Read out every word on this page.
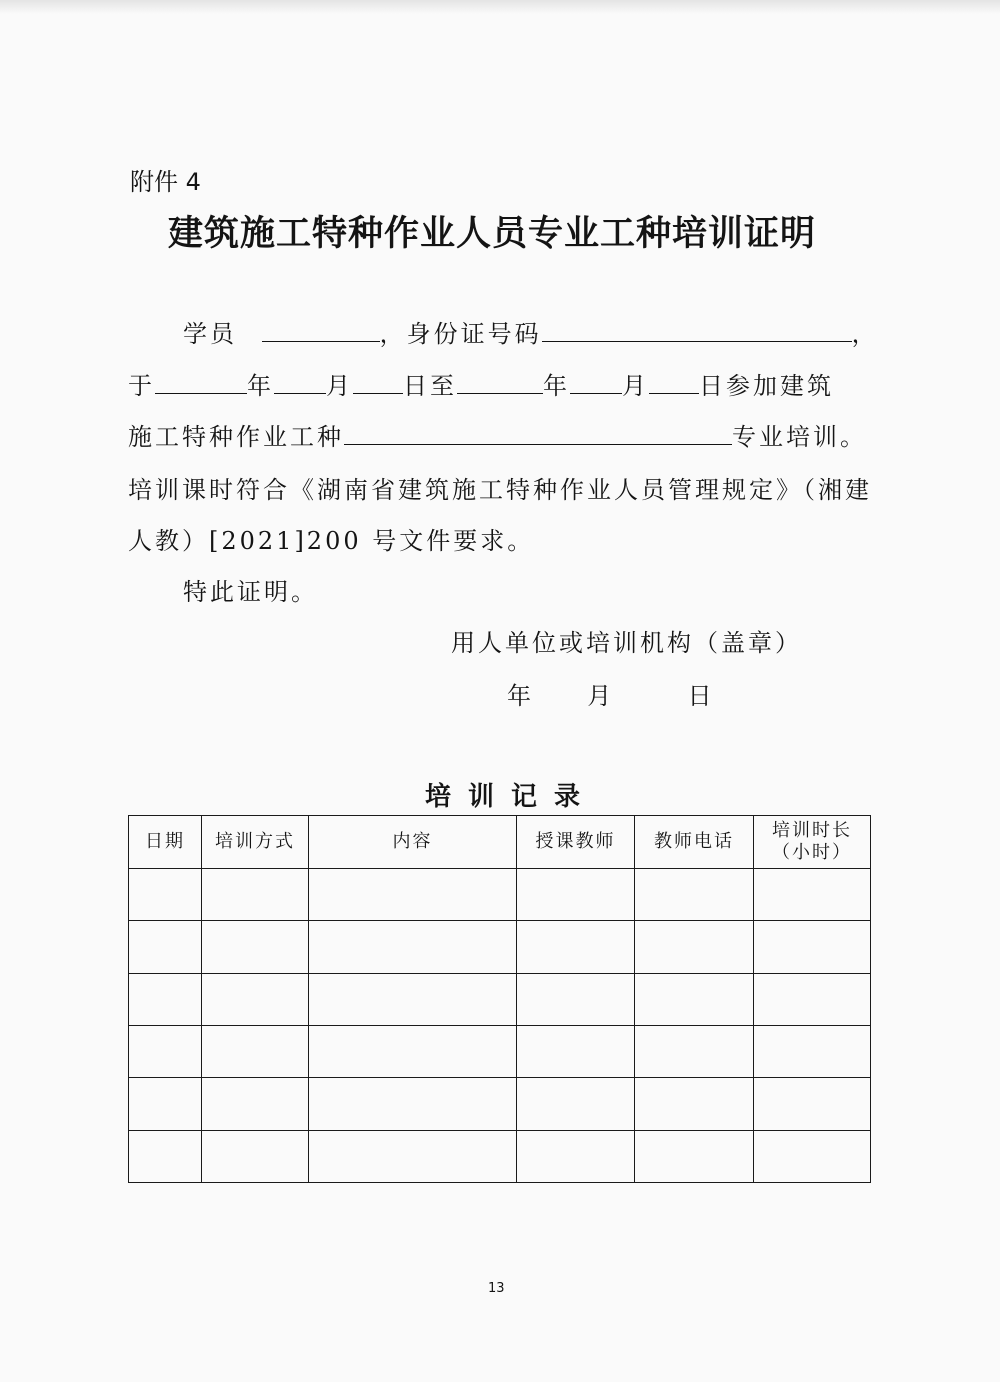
附件 4
建筑施工特种作业人员专业工种培训证明
学员	，身份证号码	，
于	年 月 日至	年 月 日参加建筑
施工特种作业工种	专业培训。
培训课时符合《湖南省建筑施工特种作业人员管理规定》（湘建
人教）[2021]200 号文件要求。
特此证明。
用人单位或培训机构（盖章）
年 月	日
培训记录
日期	培训方式	内容	授课教师	教师电话	培训时长
（小时）

13
